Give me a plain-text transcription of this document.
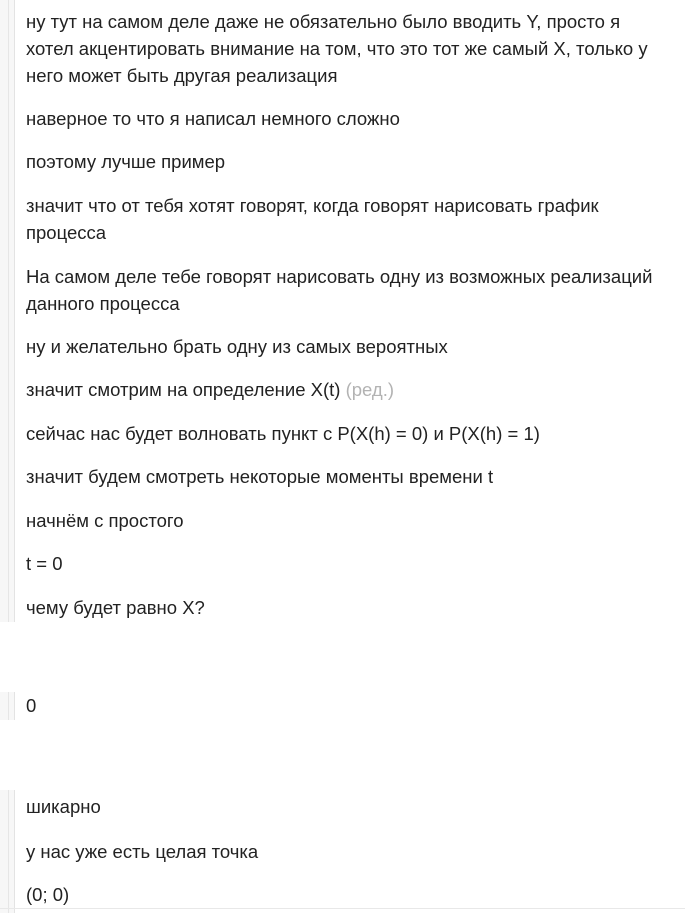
ну тут на самом деле даже не обязательно было вводить Y, просто я хотел акцентировать внимание на том, что это тот же самый X, только у него может быть другая реализация
наверное то что я написал немного сложно
поэтому лучше пример
значит что от тебя хотят говорят, когда говорят нарисовать график процесса
На самом деле тебе говорят нарисовать одну из возможных реализаций данного процесса
ну и желательно брать одну из самых вероятных
значит смотрим на определение X(t) (ред.)
сейчас нас будет волновать пункт с P(X(h) = 0) и P(X(h) = 1)
значит будем смотреть некоторые моменты времени t
начнём с простого
t = 0
чему будет равно X?
0
шикарно
у нас уже есть целая точка
(0; 0)
